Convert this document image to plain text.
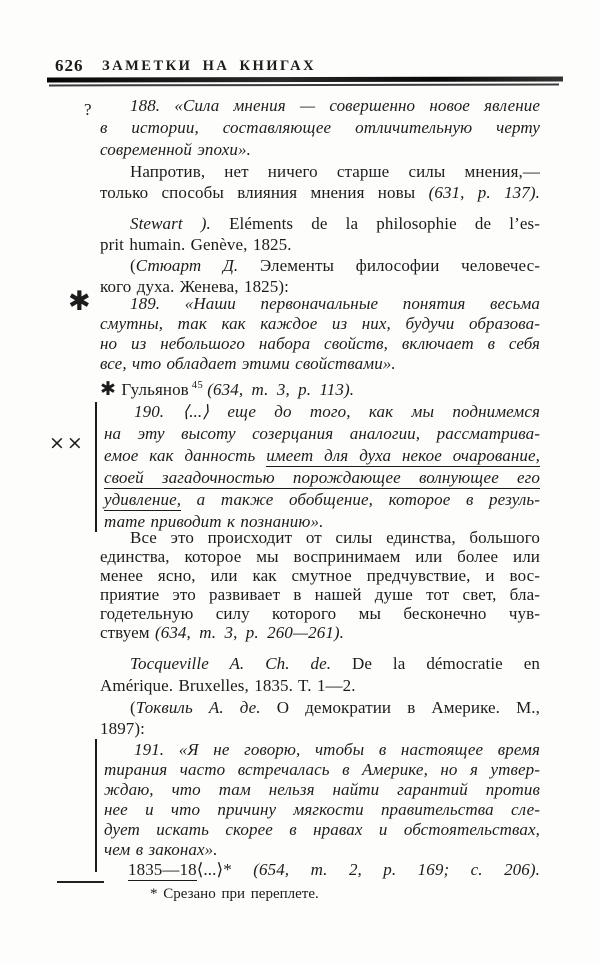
626 ЗАМЕТКИ НА КНИГАХ
?
✱
××
188. «Сила мнения — совершенно новое явление
в истории, составляющее отличительную черту
современной эпохи».
Напротив, нет ничего старше силы мнения,—
только способы влияния мнения новы (631, p. 137).
Stewart ). Eléments de la philosophie de l’es-
prit humain. Genève, 1825.
(Стюарт Д. Элементы философии человечес-
кого духа. Женева, 1825):
189. «Наши первоначальные понятия весьма
смутны, так как каждое из них, будучи образова-
но из небольшого набора свойств, включает в себя
все, что обладает этими свойствами».
✱ Гульянов $^{45}$ (634, т. 3, p. 113).
190. ⟨...⟩ еще до того, как мы поднимемся
на эту высоту созерцания аналогии, рассматрива-
емое как данность имеет для духа некое очарование,
своей загадочностью порождающее волнующее его
удивление, а также обобщение, которое в резуль-
тате приводит к познанию».
Все это происходит от силы единства, большого
единства, которое мы воспринимаем или более или
менее ясно, или как смутное предчувствие, и вос-
приятие это развивает в нашей душе тот свет, бла-
годетельную силу которого мы бесконечно чув-
ствуем (634, т. 3, p. 260—261).
Tocqueville A. Ch. de. De la démocratie en
Amérique. Bruxelles, 1835. T. 1—2.
(Токвиль А. де. О демократии в Америке. М.,
1897):
191. «Я не говорю, чтобы в настоящее время
тирания часто встречалась в Америке, но я утвер-
ждаю, что там нельзя найти гарантий против
нее и что причину мягкости правительства сле-
дует искать скорее в нравах и обстоятельствах,
чем в законах».
1835—18⟨...⟩* (654, т. 2, p. 169; с. 206).
* Срезано при переплете.
